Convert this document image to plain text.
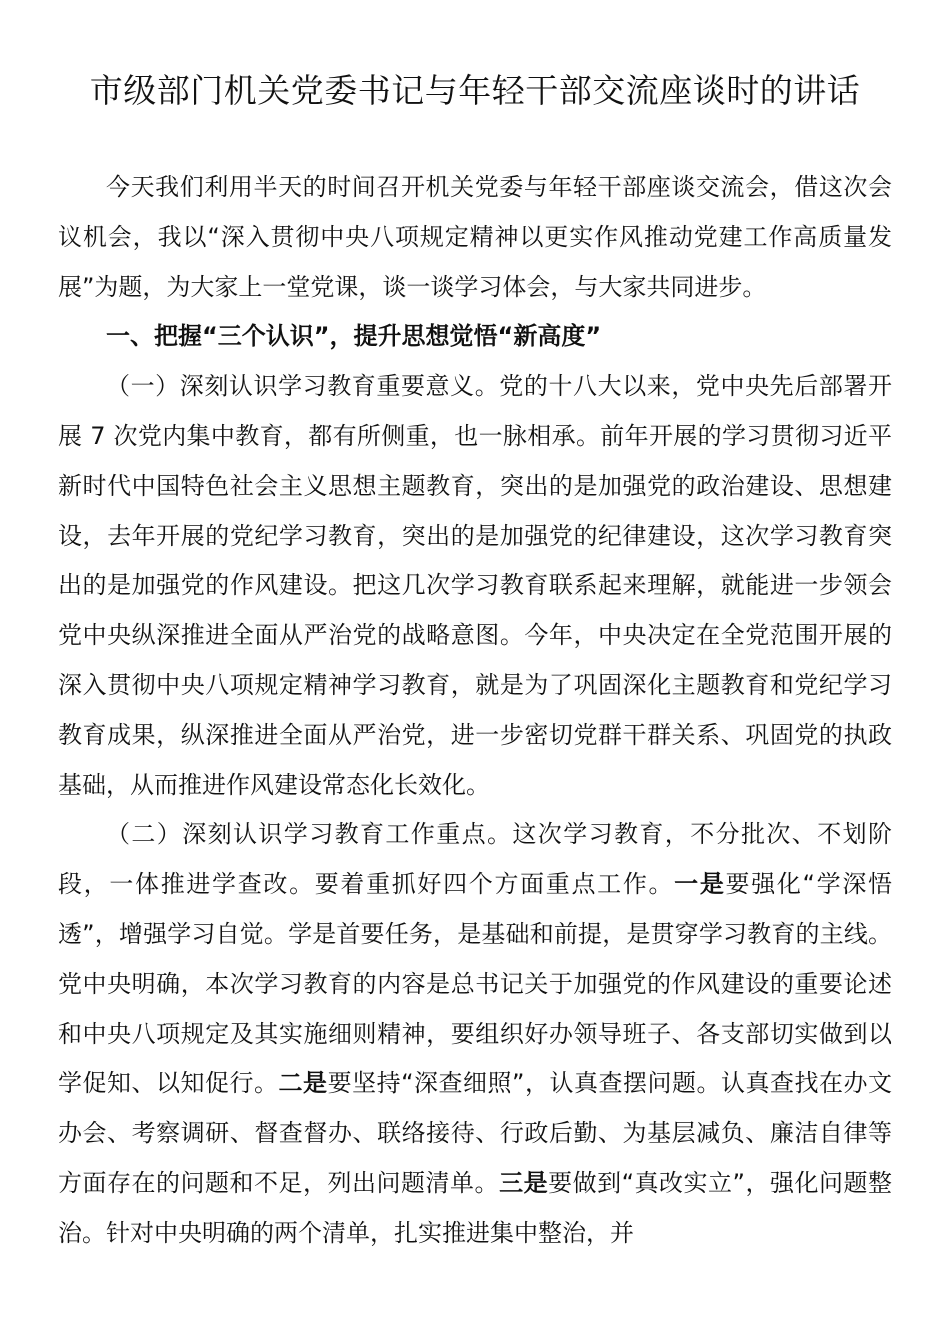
市级部门机关党委书记与年轻干部交流座谈时的讲话

今天我们利用半天的时间召开机关党委与年轻干部座谈交流会，借这次会议机会，我以“深入贯彻中央八项规定精神以更实作风推动党建工作高质量发展”为题，为大家上一堂党课，谈一谈学习体会，与大家共同进步。

一、把握“三个认识”，提升思想觉悟“新高度”

（一）深刻认识学习教育重要意义。党的十八大以来，党中央先后部署开展 7 次党内集中教育，都有所侧重，也一脉相承。前年开展的学习贯彻习近平新时代中国特色社会主义思想主题教育，突出的是加强党的政治建设、思想建设，去年开展的党纪学习教育，突出的是加强党的纪律建设，这次学习教育突出的是加强党的作风建设。把这几次学习教育联系起来理解，就能进一步领会党中央纵深推进全面从严治党的战略意图。今年，中央决定在全党范围开展的深入贯彻中央八项规定精神学习教育，就是为了巩固深化主题教育和党纪学习教育成果，纵深推进全面从严治党，进一步密切党群干群关系、巩固党的执政基础，从而推进作风建设常态化长效化。

（二）深刻认识学习教育工作重点。这次学习教育，不分批次、不划阶段，一体推进学查改。要着重抓好四个方面重点工作。一是要强化“学深悟透”，增强学习自觉。学是首要任务，是基础和前提，是贯穿学习教育的主线。党中央明确，本次学习教育的内容是总书记关于加强党的作风建设的重要论述和中央八项规定及其实施细则精神，要组织好办领导班子、各支部切实做到以学促知、以知促行。二是要坚持“深查细照”，认真查摆问题。认真查找在办文办会、考察调研、督查督办、联络接待、行政后勤、为基层减负、廉洁自律等方面存在的问题和不足，列出问题清单。三是要做到“真改实立”，强化问题整治。针对中央明确的两个清单，扎实推进集中整治，并
